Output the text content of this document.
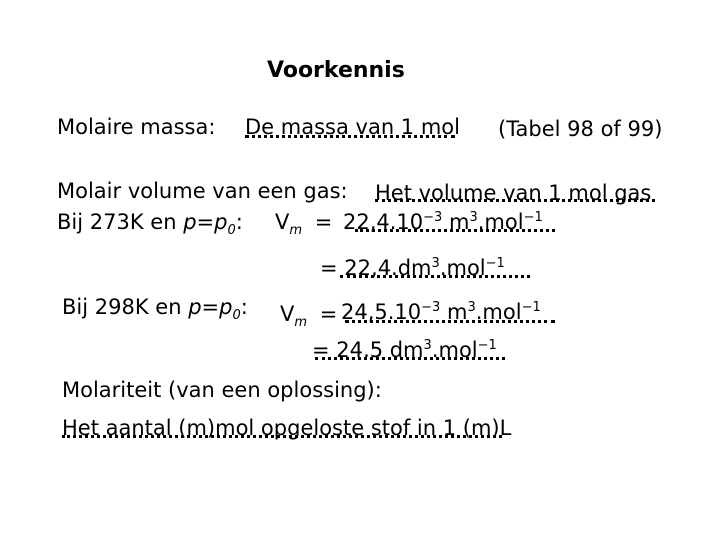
Voorkennis
Molaire massa: De massa van 1 mol (Tabel 98 of 99)
Molair volume van een gas: Het volume van 1 mol gas
Bij 273K en $p=p_0$: $V_m = 22,4.10^{-3}$ $m^3.mol^{-1}$
= $22,4.dm^3.mol^{-1}$
Bij 298K en $p=p_0$: $V_m = 24,5.10^{-3}$ $m^3.mol^{-1}$
= 24,5 $dm^3.mol^{-1}$
Molariteit (van een oplossing):
Het aantal (m)mol opgeloste stof in 1 (m)L
